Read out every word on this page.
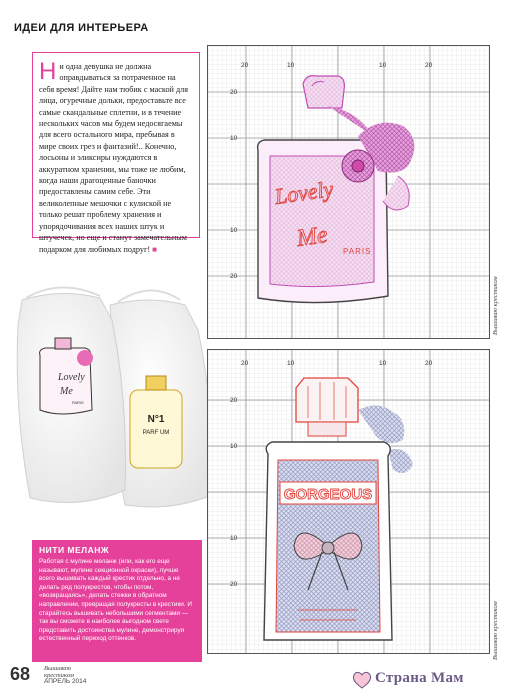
ИДЕИ ДЛЯ ИНТЕРЬЕРА
Н и одна девушка не должна оправдываться за потраченное на себя время! Дайте нам тюбик с маской для лица, огуречные дольки, предоставьте все самые скандальные сплетни, и в течение нескольких часов мы будем недосягаемы для всего остального мира, пребывая в мире своих грез и фантазий!.. Конечно, лосьоны и эликсиры нуждаются в аккуратном хранении, мы тоже не любим, когда наши драгоценные баночки предоставлены самим себе. Эти великолепные мешочки с кулиской не только решат проблему хранения и упорядочивания всех наших штук и штучечек, но еще и станут замечательным подарком для любимых подруг! ■
N°1
PARF UM
Lovely
Me
PARIS
20	10	10	20
20
10
10
20
Lovely
Me PARIS
20	10	10	20
20
10
10
20
GORGEOUS
Вышиваю крестиком
Вышиваю крестиком
НИТИ МЕЛАНЖ
Работая с мулине меланж (или, как его еще называют, мулине секционной окраски), лучше всего вышивать каждый крестик отдельно, а не делать ряд полукрестов, чтобы потом, «возвращаясь», делать стежки в обратном направлении, превращая полукресты в крестики. И старайтесь вышивать небольшими сегментами — так вы сможете в наиболее выгодном свете представить достоинства мулине, демонстрируя естественный переход оттенков.
68 Вышиваю
крестиком
АПРЕЛЬ 2014	Страна Мам
